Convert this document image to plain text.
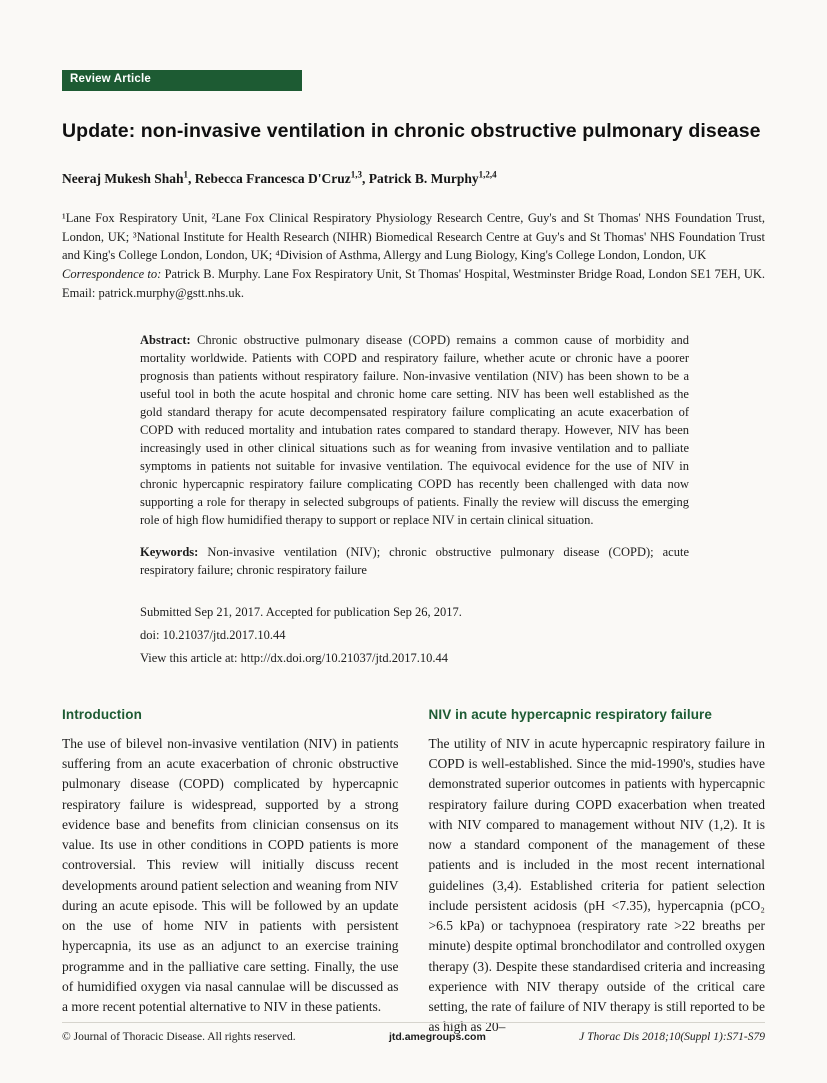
Review Article
Update: non-invasive ventilation in chronic obstructive pulmonary disease

Neeraj Mukesh Shah$^1$, Rebecca Francesca D'Cruz$^{1,3}$, Patrick B. Murphy$^{1,2,4}$

¹Lane Fox Respiratory Unit, ²Lane Fox Clinical Respiratory Physiology Research Centre, Guy's and St Thomas' NHS Foundation Trust, London, UK; ³National Institute for Health Research (NIHR) Biomedical Research Centre at Guy's and St Thomas' NHS Foundation Trust and King's College London, London, UK; ⁴Division of Asthma, Allergy and Lung Biology, King's College London, London, UK

Correspondence to: Patrick B. Murphy. Lane Fox Respiratory Unit, St Thomas' Hospital, Westminster Bridge Road, London SE1 7EH, UK. Email: patrick.murphy@gstt.nhs.uk.

Abstract: Chronic obstructive pulmonary disease (COPD) remains a common cause of morbidity and mortality worldwide. Patients with COPD and respiratory failure, whether acute or chronic have a poorer prognosis than patients without respiratory failure. Non-invasive ventilation (NIV) has been shown to be a useful tool in both the acute hospital and chronic home care setting. NIV has been well established as the gold standard therapy for acute decompensated respiratory failure complicating an acute exacerbation of COPD with reduced mortality and intubation rates compared to standard therapy. However, NIV has been increasingly used in other clinical situations such as for weaning from invasive ventilation and to palliate symptoms in patients not suitable for invasive ventilation. The equivocal evidence for the use of NIV in chronic hypercapnic respiratory failure complicating COPD has recently been challenged with data now supporting a role for therapy in selected subgroups of patients. Finally the review will discuss the emerging role of high flow humidified therapy to support or replace NIV in certain clinical situation.

Keywords: Non-invasive ventilation (NIV); chronic obstructive pulmonary disease (COPD); acute respiratory failure; chronic respiratory failure

Submitted Sep 21, 2017. Accepted for publication Sep 26, 2017.

doi: 10.21037/jtd.2017.10.44

View this article at: http://dx.doi.org/10.21037/jtd.2017.10.44

Introduction

The use of bilevel non-invasive ventilation (NIV) in patients suffering from an acute exacerbation of chronic obstructive pulmonary disease (COPD) complicated by hypercapnic respiratory failure is widespread, supported by a strong evidence base and benefits from clinician consensus on its value. Its use in other conditions in COPD patients is more controversial. This review will initially discuss recent developments around patient selection and weaning from NIV during an acute episode. This will be followed by an update on the use of home NIV in patients with persistent hypercapnia, its use as an adjunct to an exercise training programme and in the palliative care setting. Finally, the use of humidified oxygen via nasal cannulae will be discussed as a more recent potential alternative to NIV in these patients.

NIV in acute hypercapnic respiratory failure

The utility of NIV in acute hypercapnic respiratory failure in COPD is well-established. Since the mid-1990's, studies have demonstrated superior outcomes in patients with hypercapnic respiratory failure during COPD exacerbation when treated with NIV compared to management without NIV (1,2). It is now a standard component of the management of these patients and is included in the most recent international guidelines (3,4). Established criteria for patient selection include persistent acidosis (pH <7.35), hypercapnia (pCO₂ >6.5 kPa) or tachypnoea (respiratory rate >22 breaths per minute) despite optimal bronchodilator and controlled oxygen therapy (3). Despite these standardised criteria and increasing experience with NIV therapy outside of the critical care setting, the rate of failure of NIV therapy is still reported to be as high as 20–

© Journal of Thoracic Disease. All rights reserved.	jtd.amegroups.com	J Thorac Dis 2018;10(Suppl 1):S71-S79
